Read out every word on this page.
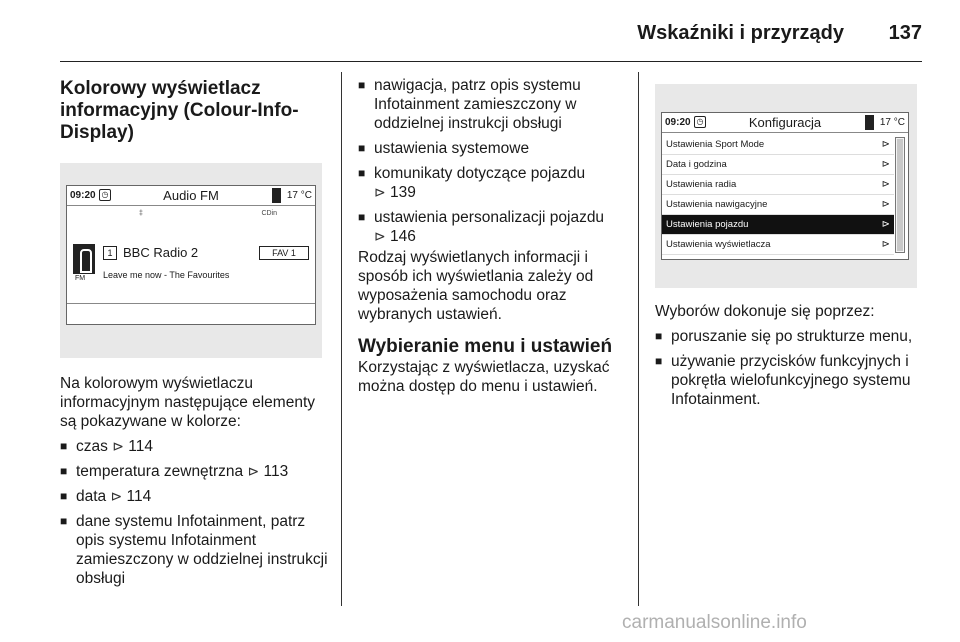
Wskaźniki i przyrządy 137
Kolorowy wyświetlacz informacyjny (Colour-Info-Display)
09:20 ◷	Audio FM	17 °C
‡	CDin
FM
1 BBC Radio 2	FAV 1
Leave me now - The Favourites

Na kolorowym wyświetlaczu informacyjnym następujące elementy są pokazywane w kolorze:

■ czas ⊳ 114
■ temperatura zewnętrzna ⊳ 113
■ data ⊳ 114
■ dane systemu Infotainment, patrz opis systemu Infotainment zamieszczony w oddzielnej instrukcji obsługi
■ nawigacja, patrz opis systemu Infotainment zamieszczony w oddzielnej instrukcji obsługi
■ ustawienia systemowe
■ komunikaty dotyczące pojazdu
⊳ 139
■ ustawienia personalizacji pojazdu
⊳ 146

Rodzaj wyświetlanych informacji i sposób ich wyświetlania zależy od wyposażenia samochodu oraz wybranych ustawień.

Wybieranie menu i ustawień

Korzystając z wyświetlacza, uzyskać można dostęp do menu i ustawień.

09:20 ◷	Konfiguracja	17 °C
Ustawienia Sport Mode	⊳
Data i godzina	⊳
Ustawienia radia	⊳
Ustawienia nawigacyjne	⊳
Ustawienia pojazdu	⊳
Ustawienia wyświetlacza	⊳

Wyborów dokonuje się poprzez:

■ poruszanie się po strukturze menu,
■ używanie przycisków funkcyjnych i pokrętła wielofunkcyjnego systemu Infotainment.
carmanualsonline.info
